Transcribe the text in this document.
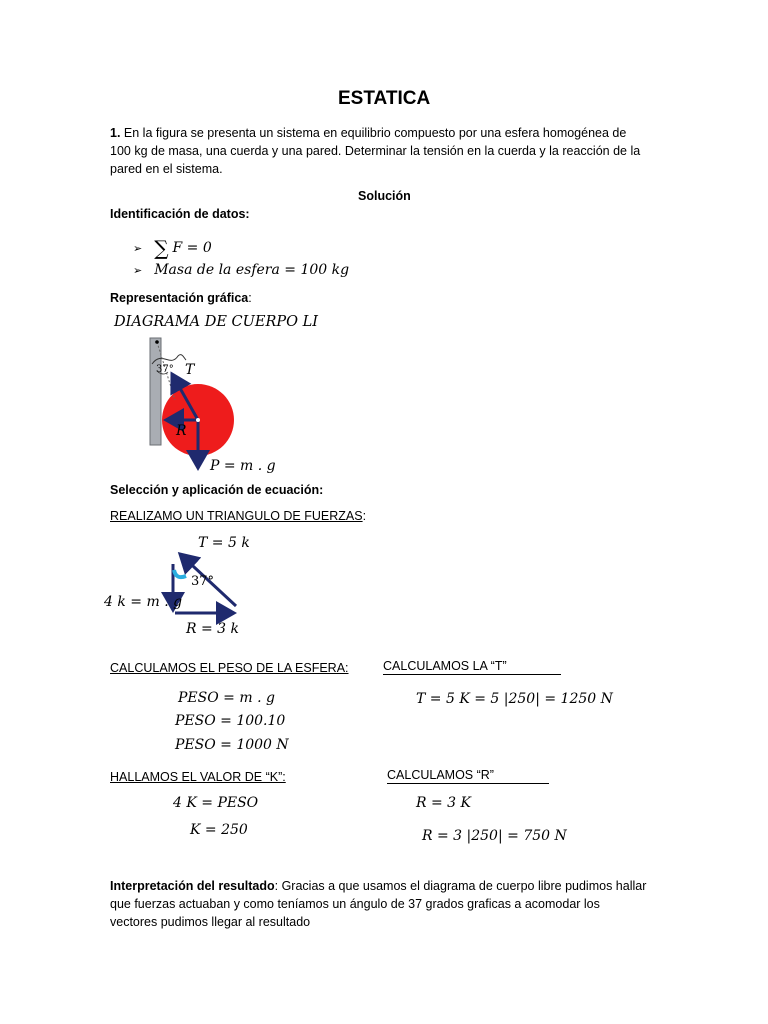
ESTATICA
1. En la figura se presenta un sistema en equilibrio compuesto por una esfera homogénea de
100 kg de masa, una cuerda y una pared. Determinar la tensión en la cuerda y la reacción de la
pared en el sistema.
Solución
Identificación de datos:
➢ ∑ F = 0
➢ Masa de la esfera = 100 kg
Representación gráfica:
DIAGRAMA DE CUERPO LI
37° T
R
P = m . g
Selección y aplicación de ecuación:
REALIZAMO UN TRIANGULO DE FUERZAS:
T = 5 k
37°
4 k = m . g
R = 3 k
CALCULAMOS EL PESO DE LA ESFERA:
PESO = m . g
PESO = 100.10
PESO = 1000 N
CALCULAMOS LA “T”
T = 5 K = 5 |250| = 1250 N
HALLAMOS EL VALOR DE “K”:
4 K = PESO
K = 250
CALCULAMOS “R”
R = 3 K
R = 3 |250| = 750 N
Interpretación del resultado: Gracias a que usamos el diagrama de cuerpo libre pudimos hallar
que fuerzas actuaban y como teníamos un ángulo de 37 grados graficas a acomodar los
vectores pudimos llegar al resultado
